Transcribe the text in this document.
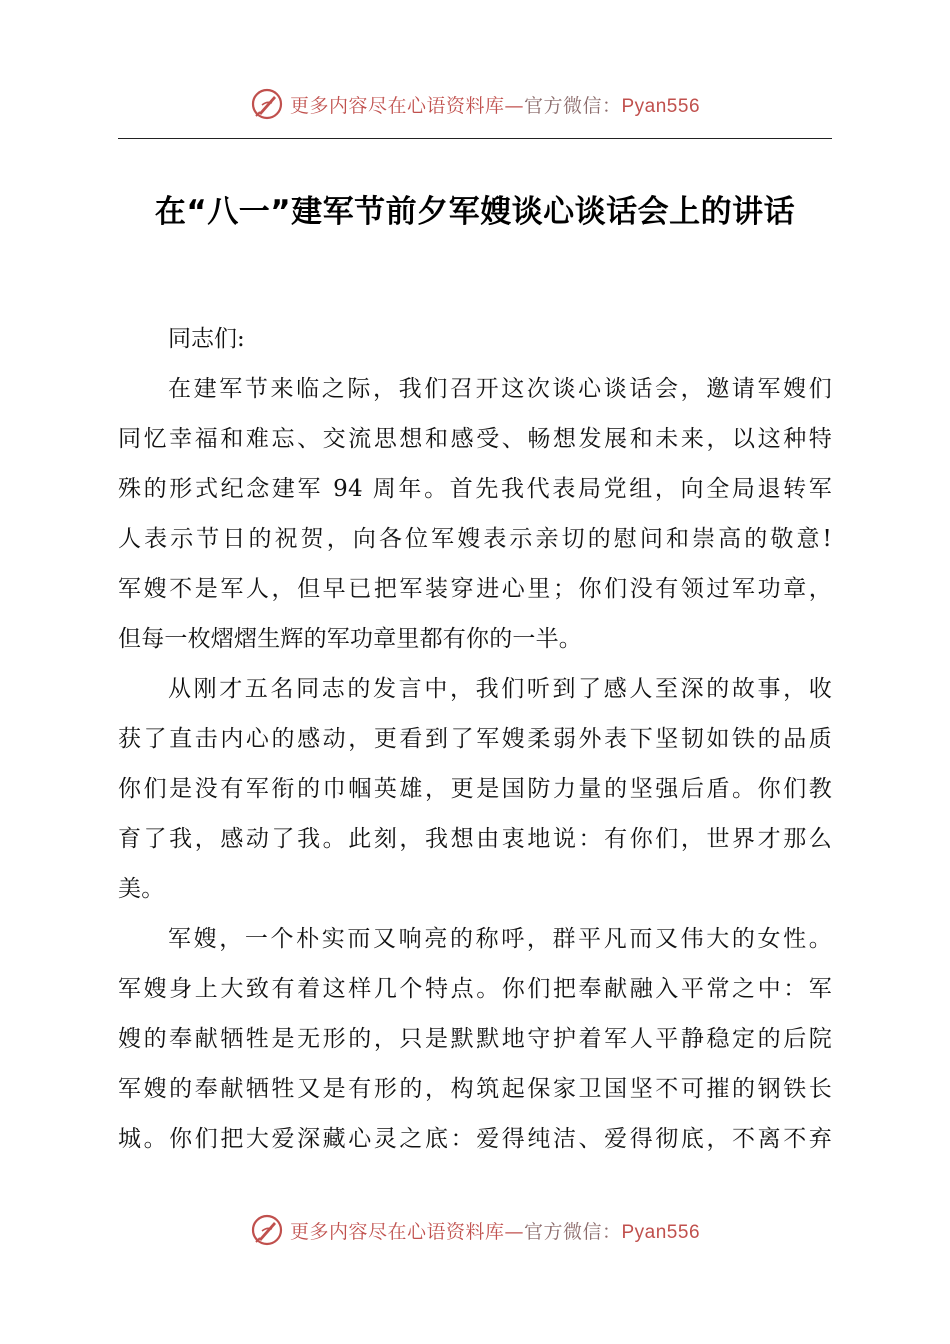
更多内容尽在心语资料库—官方微信：Pyan556
在“八一”建军节前夕军嫂谈心谈话会上的讲话

同志们:

在建军节来临之际，我们召开这次谈心谈话会，邀请军嫂们
同忆幸福和难忘、交流思想和感受、畅想发展和未来，以这种特
殊的形式纪念建军 94 周年。首先我代表局党组，向全局退转军
人表示节日的祝贺，向各位军嫂表示亲切的慰问和崇高的敬意!
军嫂不是军人，但早已把军装穿进心里；你们没有领过军功章，
但每一枚熠熠生辉的军功章里都有你的一半。
从刚才五名同志的发言中，我们听到了感人至深的故事，收
获了直击内心的感动，更看到了军嫂柔弱外表下坚韧如铁的品质
你们是没有军衔的巾帼英雄，更是国防力量的坚强后盾。你们教
育了我，感动了我。此刻，我想由衷地说：有你们，世界才那么
美。
军嫂，一个朴实而又响亮的称呼，群平凡而又伟大的女性。
军嫂身上大致有着这样几个特点。你们把奉献融入平常之中：军
嫂的奉献牺牲是无形的，只是默默地守护着军人平静稳定的后院
军嫂的奉献牺牲又是有形的，构筑起保家卫国坚不可摧的钢铁长
城。你们把大爱深藏心灵之底：爱得纯洁、爱得彻底，不离不弃
更多内容尽在心语资料库—官方微信：Pyan556
